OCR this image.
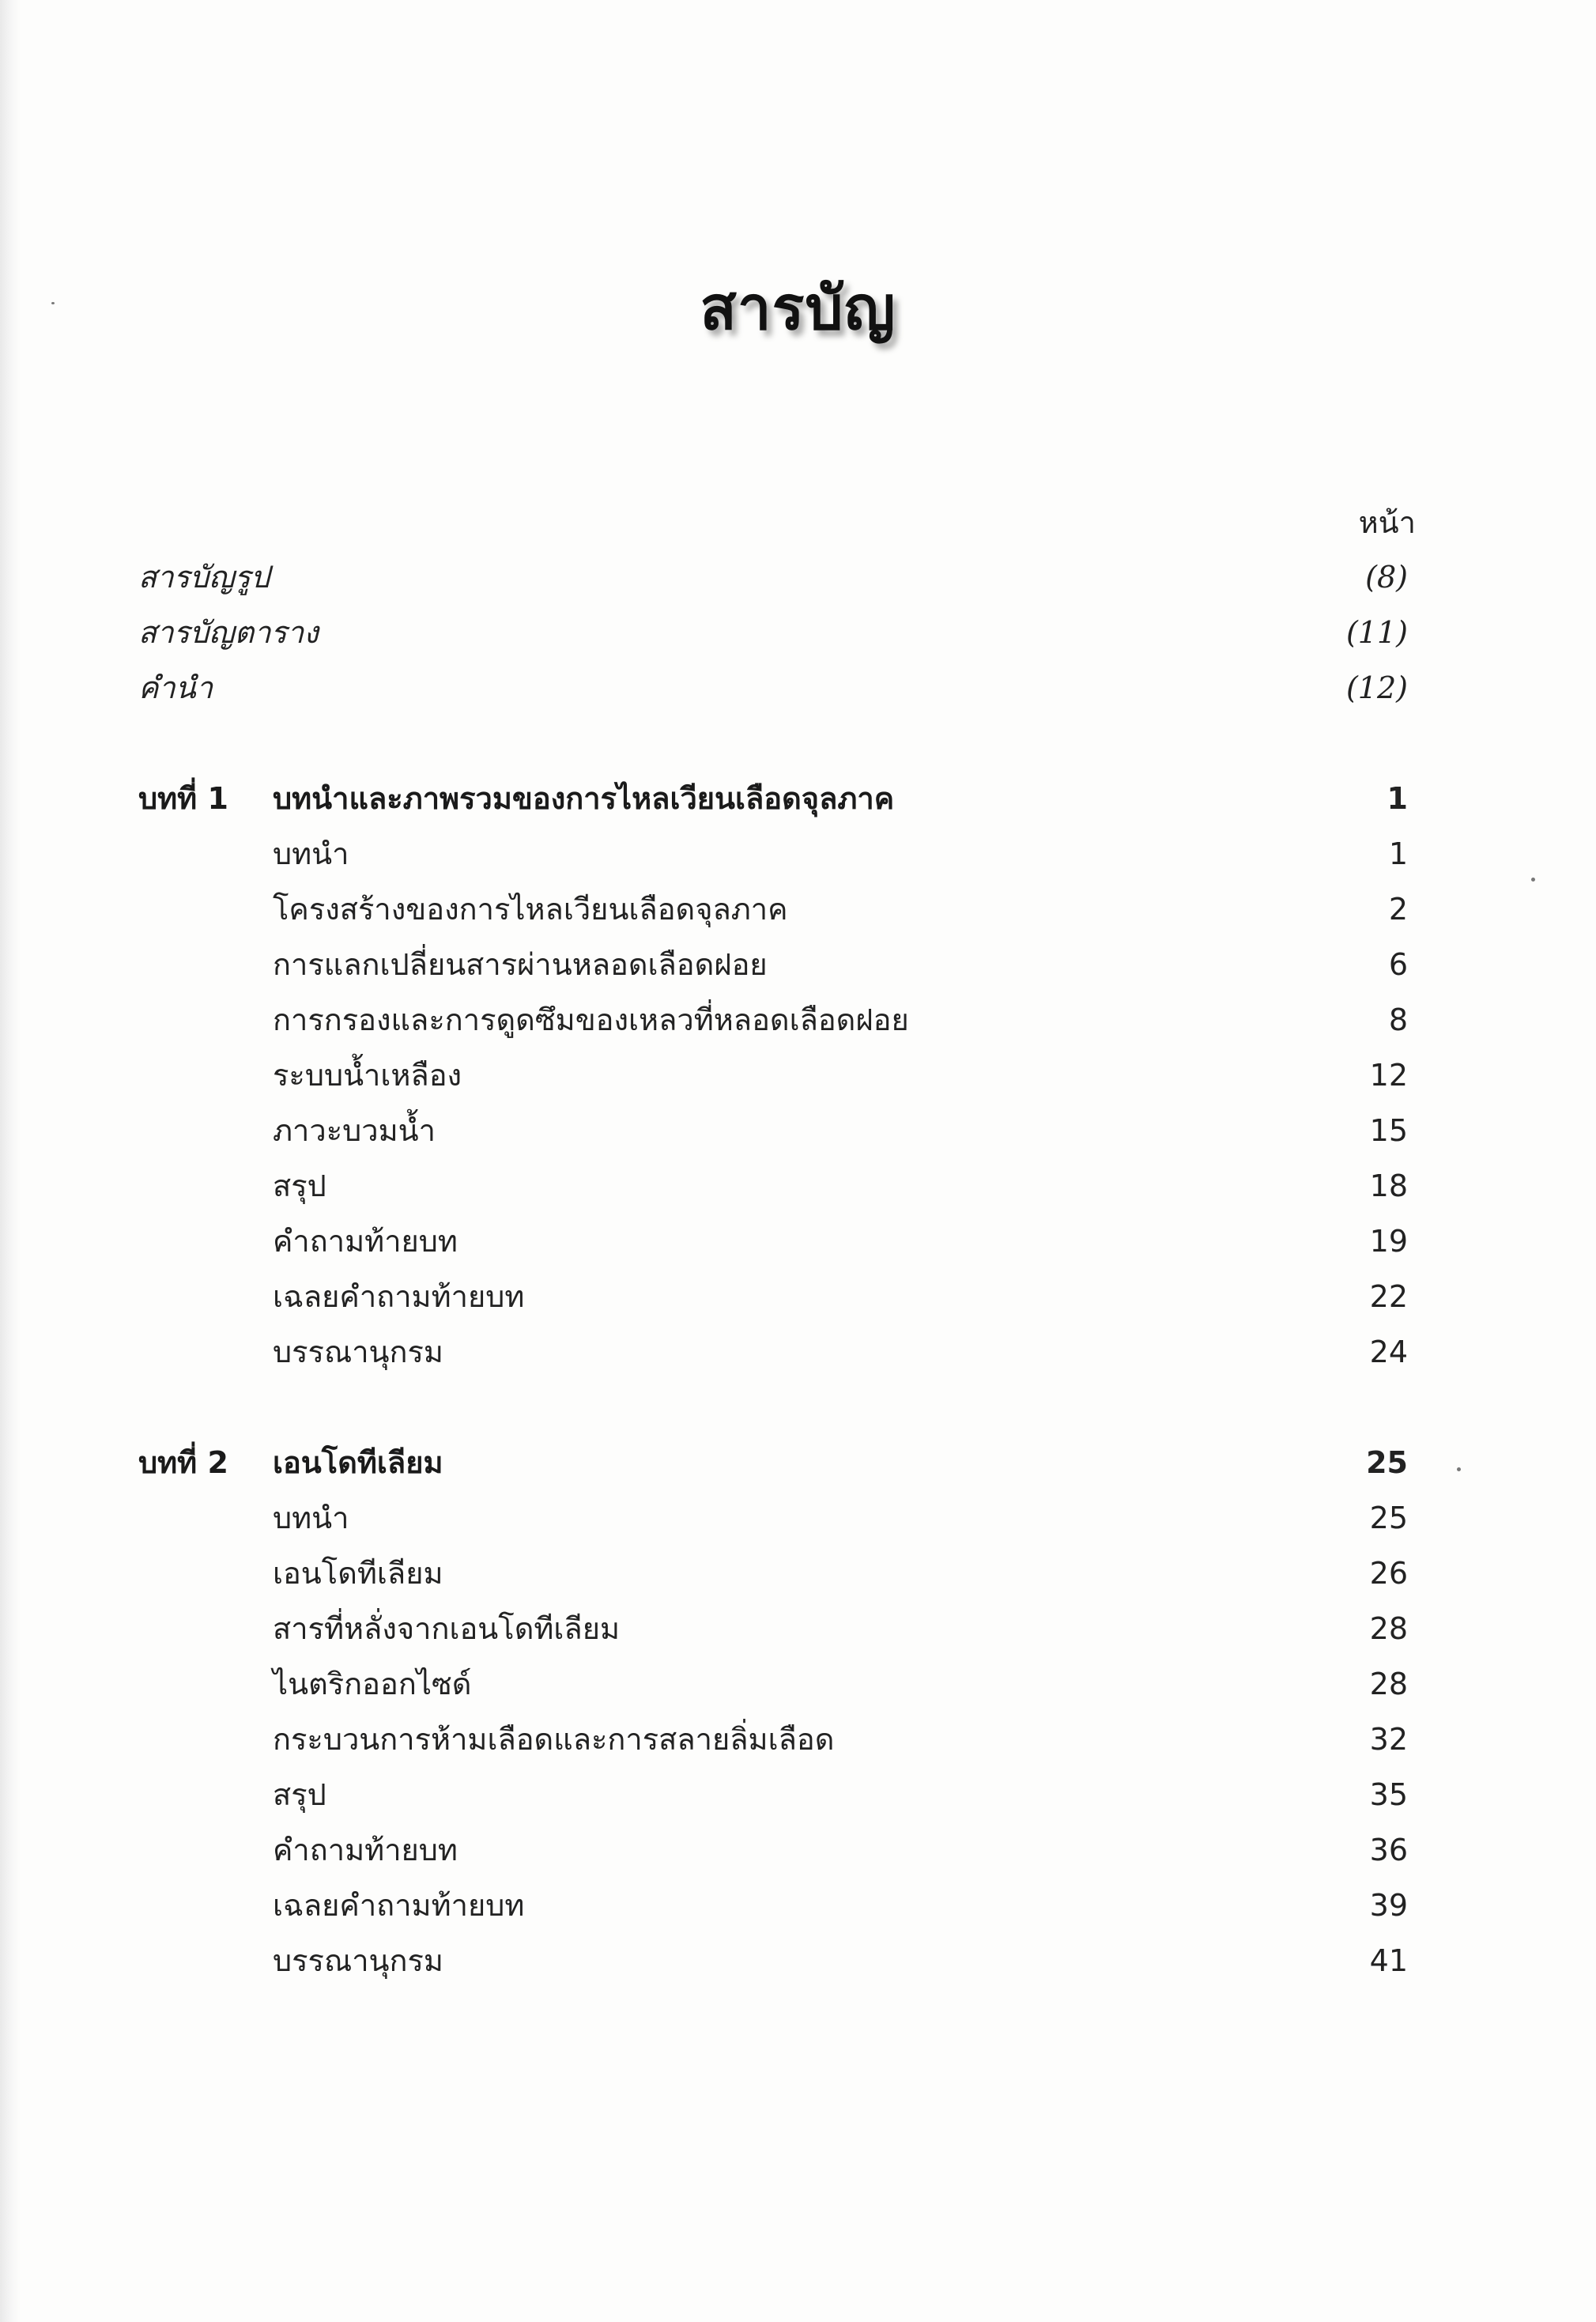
สารบัญ
หน้า
สารบัญรูป	(8)
สารบัญตาราง	(11)
คำนำ	(12)
บทที่ 1 บทนำและภาพรวมของการไหลเวียนเลือดจุลภาค	1
บทนำ	1
โครงสร้างของการไหลเวียนเลือดจุลภาค	2
การแลกเปลี่ยนสารผ่านหลอดเลือดฝอย	6
การกรองและการดูดซึมของเหลวที่หลอดเลือดฝอย	8
ระบบน้ำเหลือง	12
ภาวะบวมน้ำ	15
สรุป	18
คำถามท้ายบท	19
เฉลยคำถามท้ายบท	22
บรรณานุกรม	24
บทที่ 2 เอนโดทีเลียม	25
บทนำ	25
เอนโดทีเลียม	26
สารที่หลั่งจากเอนโดทีเลียม	28
ไนตริกออกไซด์	28
กระบวนการห้ามเลือดและการสลายลิ่มเลือด	32
สรุป	35
คำถามท้ายบท	36
เฉลยคำถามท้ายบท	39
บรรณานุกรม	41
